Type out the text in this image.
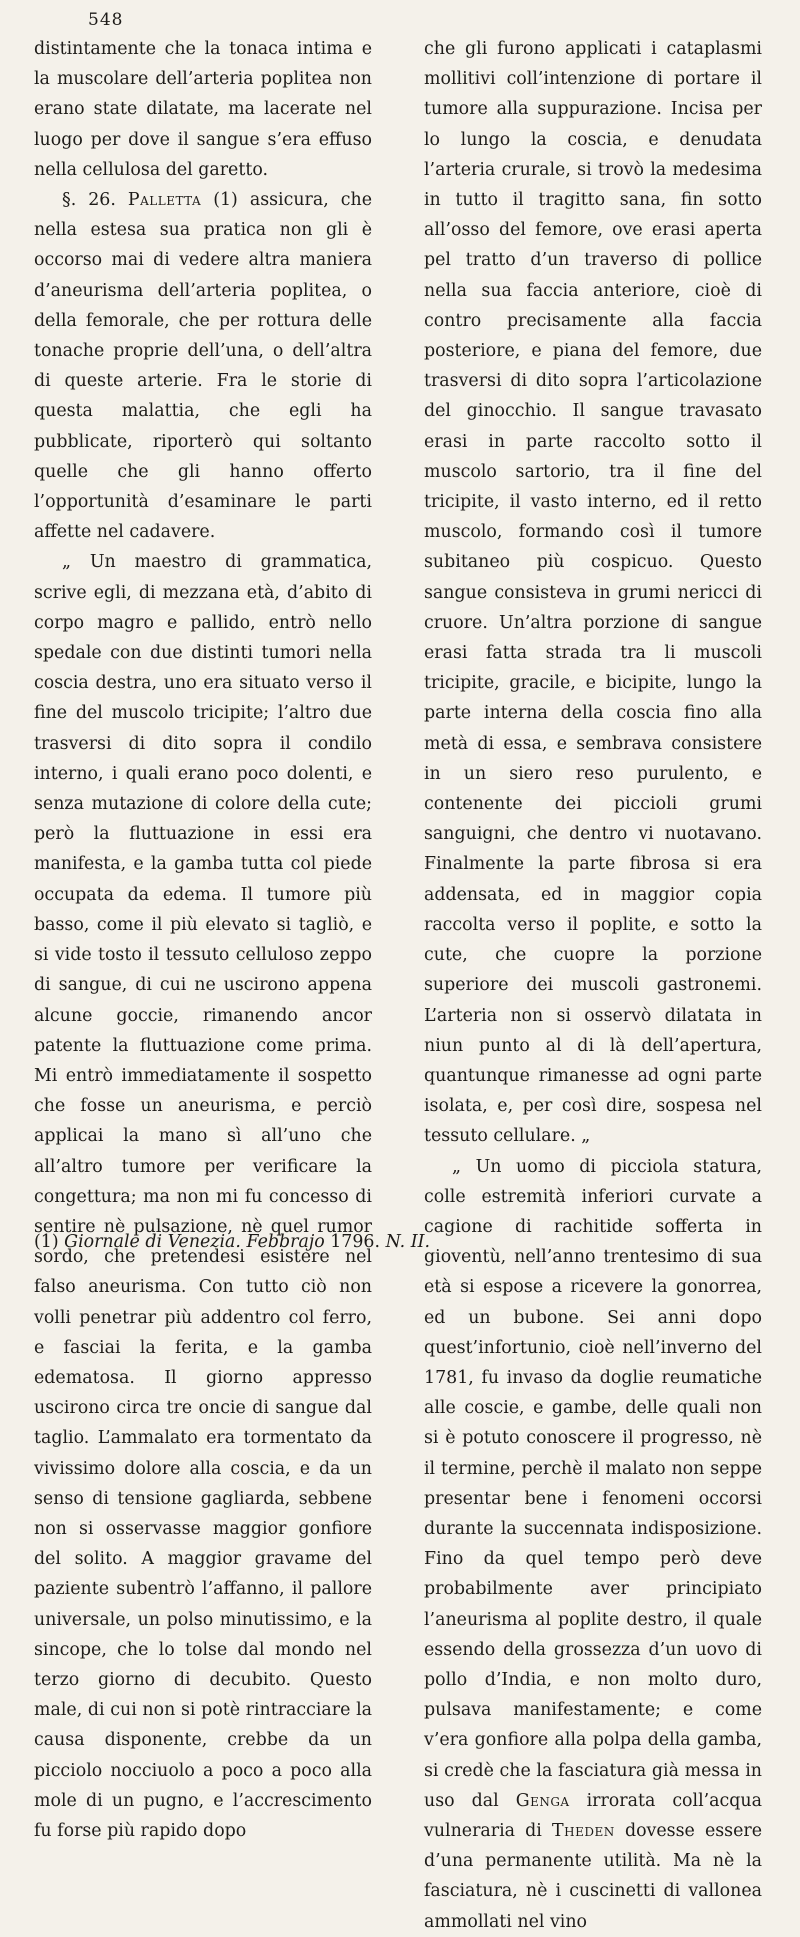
548

distintamente che la tonaca intima e la muscolare dell’arteria poplitea non erano state dilatate, ma lacerate nel luogo per dove il sangue s’era effuso nella cellulosa del garetto.

§. 26. Palletta (1) assicura, che nella estesa sua pratica non gli è occorso mai di vedere altra maniera d’aneurisma dell’arteria poplitea, o della femorale, che per rottura delle tonache proprie dell’una, o dell’altra di queste arterie. Fra le storie di questa malattia, che egli ha pubblicate, riporterò qui soltanto quelle che gli hanno offerto l’opportunità d’esaminare le parti affette nel cadavere.

„ Un maestro di grammatica, scrive egli, di mezzana età, d’abito di corpo magro e pallido, entrò nello spedale con due distinti tumori nella coscia destra, uno era situato verso il fine del muscolo tricipite; l’altro due trasversi di dito sopra il condilo interno, i quali erano poco dolenti, e senza mutazione di colore della cute; però la fluttuazione in essi era manifesta, e la gamba tutta col piede occupata da edema. Il tumore più basso, come il più elevato si tagliò, e si vide tosto il tessuto celluloso zeppo di sangue, di cui ne uscirono appena alcune goccie, rimanendo ancor patente la fluttuazione come prima. Mi entrò immediatamente il sospetto che fosse un aneurisma, e perciò applicai la mano sì all’uno che all’altro tumore per verificare la congettura; ma non mi fu concesso di sentire nè pulsazione, nè quel rumor sordo, che pretendesi esistere nel falso aneurisma. Con tutto ciò non volli penetrar più addentro col ferro, e fasciai la ferita, e la gamba edematosa. Il giorno appresso uscirono circa tre oncie di sangue dal taglio. L’ammalato era tormentato da vivissimo dolore alla coscia, e da un senso di tensione gagliarda, sebbene non si osservasse maggior gonfiore del solito. A maggior gravame del paziente subentrò l’affanno, il pallore universale, un polso minutissimo, e la sincope, che lo tolse dal mondo nel terzo giorno di decubito. Questo male, di cui non si potè rintracciare la causa disponente, crebbe da un picciolo nocciuolo a poco a poco alla mole di un pugno, e l’accrescimento fu forse più rapido dopo

che gli furono applicati i cataplasmi mollitivi coll’intenzione di portare il tumore alla suppurazione. Incisa per lo lungo la coscia, e denudata l’arteria crurale, si trovò la medesima in tutto il tragitto sana, fin sotto all’osso del femore, ove erasi aperta pel tratto d’un traverso di pollice nella sua faccia anteriore, cioè di contro precisamente alla faccia posteriore, e piana del femore, due trasversi di dito sopra l’articolazione del ginocchio. Il sangue travasato erasi in parte raccolto sotto il muscolo sartorio, tra il fine del tricipite, il vasto interno, ed il retto muscolo, formando così il tumore subitaneo più cospicuo. Questo sangue consisteva in grumi nericci di cruore. Un’altra porzione di sangue erasi fatta strada tra li muscoli tricipite, gracile, e bicipite, lungo la parte interna della coscia fino alla metà di essa, e sembrava consistere in un siero reso purulento, e contenente dei piccioli grumi sanguigni, che dentro vi nuotavano. Finalmente la parte fibrosa si era addensata, ed in maggior copia raccolta verso il poplite, e sotto la cute, che cuopre la porzione superiore dei muscoli gastronemi. L’arteria non si osservò dilatata in niun punto al di là dell’apertura, quantunque rimanesse ad ogni parte isolata, e, per così dire, sospesa nel tessuto cellulare. „

„ Un uomo di picciola statura, colle estremità inferiori curvate a cagione di rachitide sofferta in gioventù, nell’anno trentesimo di sua età si espose a ricevere la gonorrea, ed un bubone. Sei anni dopo quest’infortunio, cioè nell’inverno del 1781, fu invaso da doglie reumatiche alle coscie, e gambe, delle quali non si è potuto conoscere il progresso, nè il termine, perchè il malato non seppe presentar bene i fenomeni occorsi durante la succennata indisposizione. Fino da quel tempo però deve probabilmente aver principiato l’aneurisma al poplite destro, il quale essendo della grossezza d’un uovo di pollo d’India, e non molto duro, pulsava manifestamente; e come v’era gonfiore alla polpa della gamba, si credè che la fasciatura già messa in uso dal Genga irrorata coll’acqua vulneraria di Theden dovesse essere d’una permanente utilità. Ma nè la fasciatura, nè i cuscinetti di vallonea ammollati nel vino

(1) Giornale di Venezia. Febbrajo 1796. N. II.
